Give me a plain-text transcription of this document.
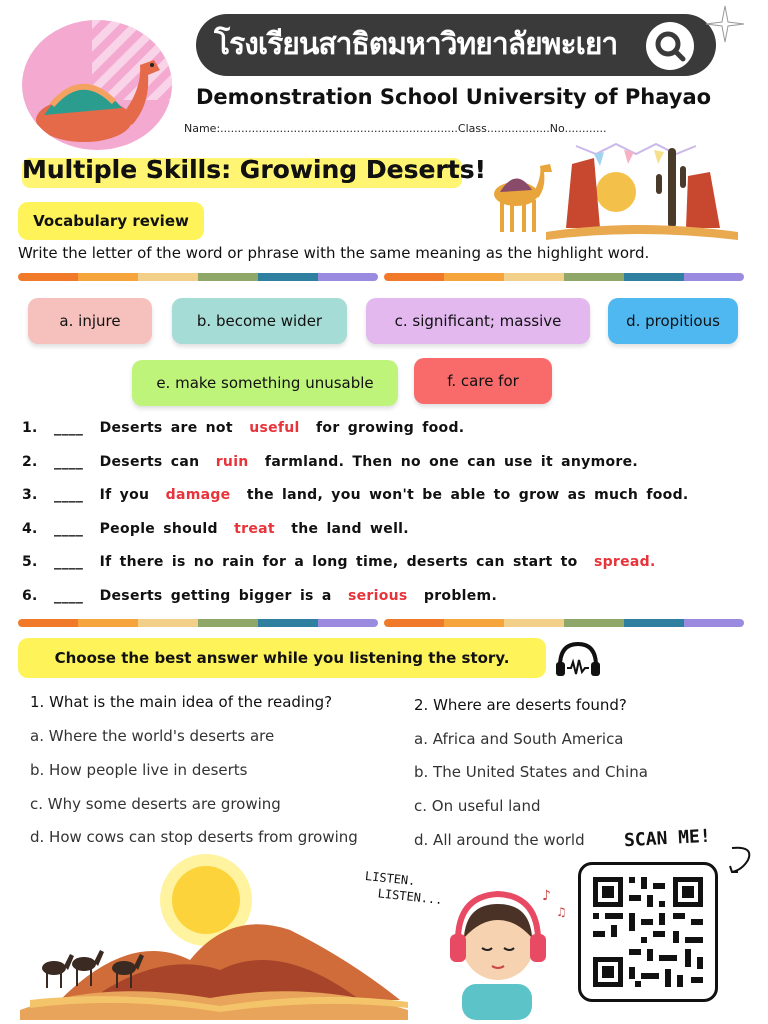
โรงเรียนสาธิตมหาวิทยาลัยพะเยา
Demonstration School University of Phayao
Name:....................................................................Class..................No............
Multiple Skills: Growing Deserts!
Vocabulary review
Write the letter of the word or phrase with the same meaning as the highlight word.
a. injure	b. become wider	c. significant; massive	d. propitious
e. make something unusable	f. care for
1. ____ Deserts are not useful for growing food.
2. ____ Deserts can ruin farmland. Then no one can use it anymore.
3. ____ If you damage the land, you won't be able to grow as much food.
4. ____ People should treat the land well.
5. ____ If there is no rain for a long time, deserts can start to spread.
6. ____ Deserts getting bigger is a serious problem.
Choose the best answer while you listening the story.
1. What is the main idea of the reading?
a. Where the world's deserts are
b. How people live in deserts
c. Why some deserts are growing
d. How cows can stop deserts from growing
2. Where are deserts found?
a. Africa and South America
b. The United States and China
c. On useful land
d. All around the world
LISTEN.
LISTEN...	♪
♫
SCAN ME!
